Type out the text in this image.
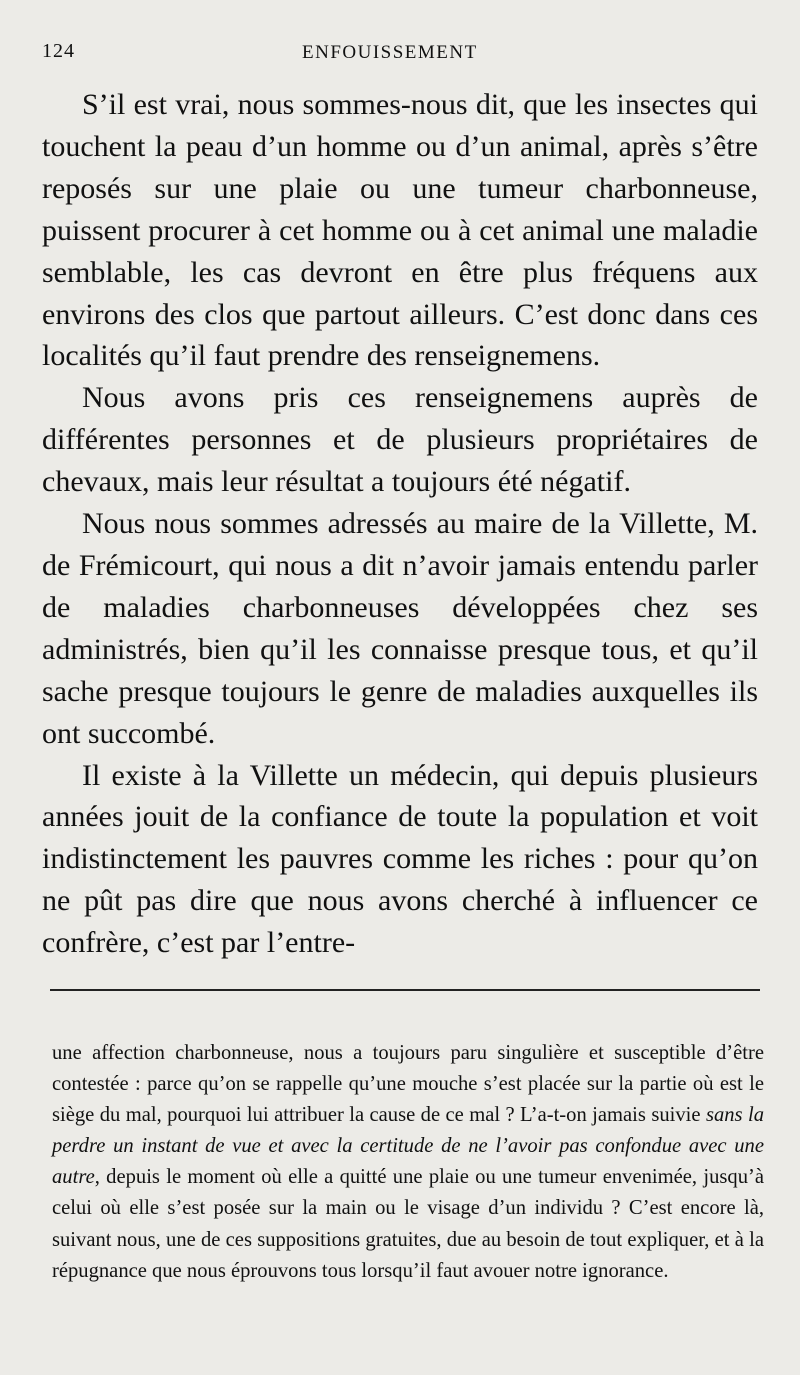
124	ENFOUISSEMENT

S’il est vrai, nous sommes-nous dit, que les insectes qui touchent la peau d’un homme ou d’un animal, après s’être reposés sur une plaie ou une tumeur charbonneuse, puissent procurer à cet homme ou à cet animal une maladie semblable, les cas devront en être plus fréquens aux environs des clos que partout ailleurs. C’est donc dans ces localités qu’il faut prendre des renseignemens.

Nous avons pris ces renseignemens auprès de différentes personnes et de plusieurs propriétaires de chevaux, mais leur résultat a toujours été négatif.

Nous nous sommes adressés au maire de la Villette, M. de Frémicourt, qui nous a dit n’avoir jamais entendu parler de maladies charbonneuses développées chez ses administrés, bien qu’il les connaisse presque tous, et qu’il sache presque toujours le genre de maladies auxquelles ils ont succombé.

Il existe à la Villette un médecin, qui depuis plusieurs années jouit de la confiance de toute la population et voit indistinctement les pauvres comme les riches : pour qu’on ne pût pas dire que nous avons cherché à influencer ce confrère, c’est par l’entre-

une affection charbonneuse, nous a toujours paru singulière et susceptible d’être contestée : parce qu’on se rappelle qu’une mouche s’est placée sur la partie où est le siège du mal, pourquoi lui attribuer la cause de ce mal ? L’a-t-on jamais suivie sans la perdre un instant de vue et avec la certitude de ne l’avoir pas confondue avec une autre, depuis le moment où elle a quitté une plaie ou une tumeur envenimée, jusqu’à celui où elle s’est posée sur la main ou le visage d’un individu ? C’est encore là, suivant nous, une de ces suppositions gratuites, due au besoin de tout expliquer, et à la répugnance que nous éprouvons tous lorsqu’il faut avouer notre ignorance.
